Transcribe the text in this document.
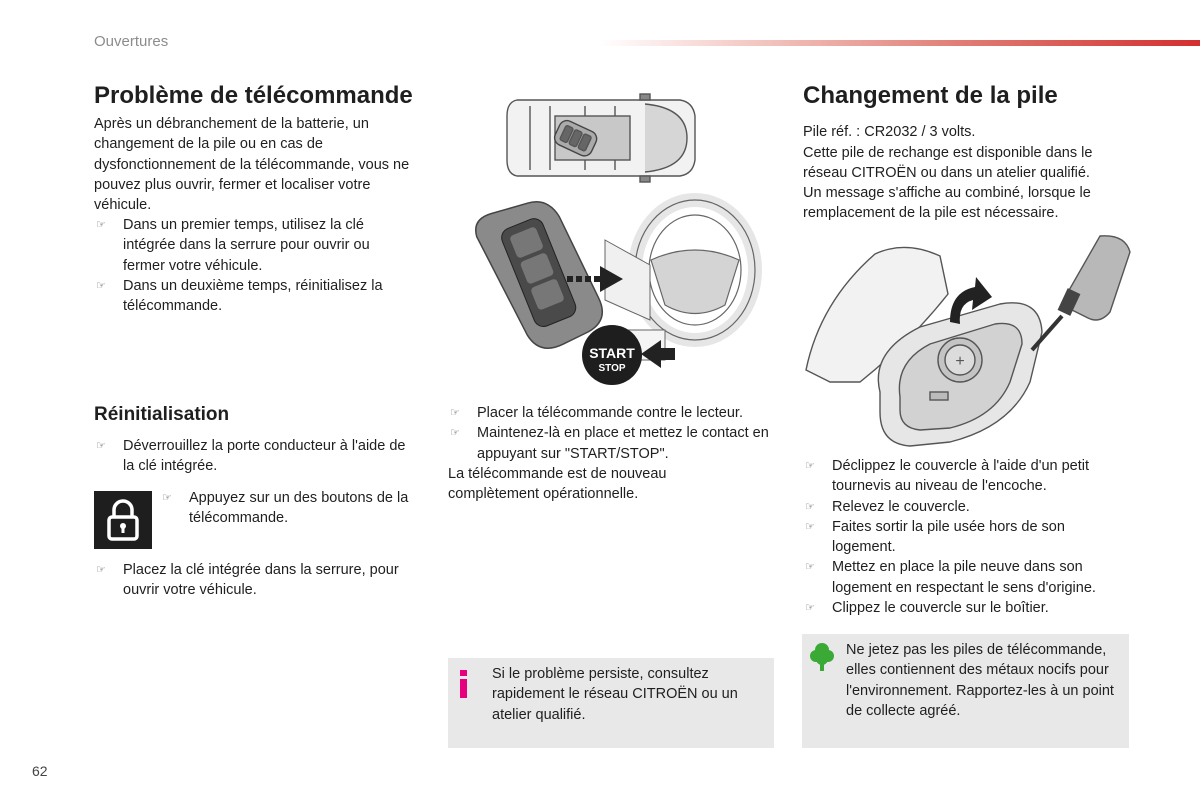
Ouvertures
Problème de télécommande

Après un débranchement de la batterie, un changement de la pile ou en cas de dysfonctionnement de la télécommande, vous ne pouvez plus ouvrir, fermer et localiser votre véhicule.

☞ Dans un premier temps, utilisez la clé intégrée dans la serrure pour ouvrir ou fermer votre véhicule.
☞ Dans un deuxième temps, réinitialisez la télécommande.
Réinitialisation
☞ Déverrouillez la porte conducteur à l'aide de la clé intégrée.
☞ Appuyez sur un des boutons de la télécommande.
☞ Placez la clé intégrée dans la serrure, pour ouvrir votre véhicule.
START
STOP
☞ Placer la télécommande contre le lecteur.
☞ Maintenez-là en place et mettez le contact en appuyant sur "START/STOP".

La télécommande est de nouveau complètement opérationnelle.

Si le problème persiste, consultez rapidement le réseau CITROËN ou un atelier qualifié.

Changement de la pile

Pile réf. : CR2032 / 3 volts.

Cette pile de rechange est disponible dans le réseau CITROËN ou dans un atelier qualifié.

Un message s'affiche au combiné, lorsque le remplacement de la pile est nécessaire.

+
☞ Déclippez le couvercle à l'aide d'un petit tournevis au niveau de l'encoche.
☞ Relevez le couvercle.
☞ Faites sortir la pile usée hors de son logement.
☞ Mettez en place la pile neuve dans son logement en respectant le sens d'origine.
☞ Clippez le couvercle sur le boîtier.

Ne jetez pas les piles de télécommande, elles contiennent des métaux nocifs pour l'environnement. Rapportez-les à un point de collecte agréé.

62
